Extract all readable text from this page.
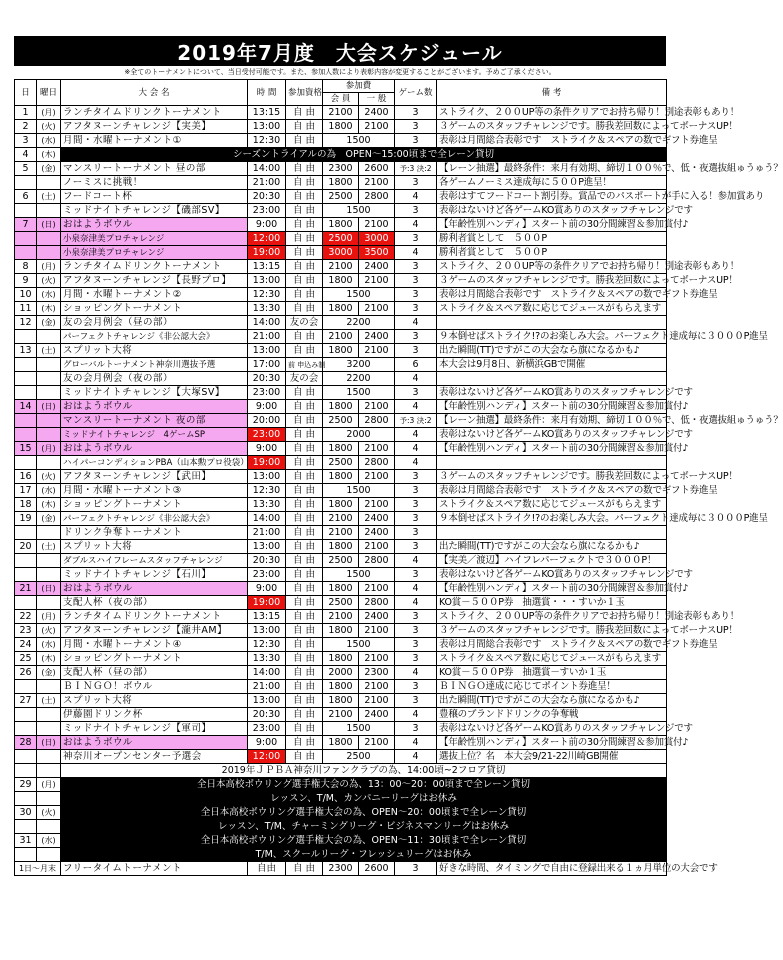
2019年7月度　大会スケジュール
※全てのトーナメントについて、当日受付可能です。また、参加人数により表彰内容が変更することがございます。予めご了承ください。
日	曜日	大 会 名	時 間	参加資格	参加費		ゲーム数	備 考
					会 員	一 般		
1	(月)	ランチタイムドリンクトーナメント	13:15	自 由	2100	2400	3	ストライク、２００UP等の条件クリアでお持ち帰り！別途表彰もあり！
2	(火)	アフタヌーンチャレンジ【実美】	13:00	自 由	1800	2100	3	３ゲームのスタッフチャレンジです。勝我差回数によってボーナスUP！
3	(水)	月間・水曜トーナメント①	12:30	自 由	1500		3	表彰は月間総合表彰です　ストライク＆スペアの数でギフト券進呈
4	(木)	シーズントライアルの為　OPEN～15:00頃まで全レーン貸切						
5	(金)	マンスリートーナメント 昼の部	14:00	自 由	2300	2600	予:3 決:2	【レーン抽選】最終条件：来月有効期、締切１００％で、低・夜選抜組ゅうゅう？
		ノーミスに挑戦！	21:00	自 由	1800	2100	3	各ゲームノーミス達成毎に５００P進呈！
6	(土)	フードコート杯	20:30	自 由	2500	2800	4	表彰はすてフードコート割引券。賞品でのパスポートが手に入る！参加賞あり
		ミッドナイトチャレンジ【磯部SV】	23:00	自 由	1500		3	表彰はないけど各ゲームKO賞ありのスタッフチャレンジです
7	(日)	おはようボウル	9:00	自 由	1800	2100	4	【年齢性別ハンディ】スタート前の30分間練習＆参加賞付♪
		小泉奈津美プロチャレンジ	12:00	自 由	2500	3000	3	勝利者賞として　５００P
		小泉奈津美プロチャレンジ	19:00	自 由	3000	3500	4	勝利者賞として　５００P
8	(月)	ランチタイムドリンクトーナメント	13:15	自 由	2100	2400	3	ストライク、２００UP等の条件クリアでお持ち帰り！別途表彰もあり！
9	(火)	アフタヌーンチャレンジ【長野プロ】	13:00	自 由	1800	2100	3	３ゲームのスタッフチャレンジです。勝我差回数によってボーナスUP！
10	(水)	月間・水曜トーナメント②	12:30	自 由	1500		3	表彰は月間総合表彰です　ストライク＆スペアの数でギフト券進呈
11	(木)	ショッピングトーナメント	13:30	自 由	1800	2100	3	ストライク＆スペア数に応じてジュースがもらえます
12	(金)	友の会月例会（昼の部）	14:00	友の会	2200		4	
		パーフェクトチャレンジ《非公認大会》	21:00	自 由	2100	2400	3	９本倒せばストライク!?のお楽しみ大会。パーフェクト達成毎に３０００P進呈
13	(土)	スプリット大将	13:00	自 由	1800	2100	3	出た瞬間(TT)ですがこの大会なら旗になるかも♪
		グローバルトーナメント神奈川選抜予選	17:00	前 申込み制	3200		6	本大会は9月8日、新横浜GBで開催
		友の会月例会（夜の部）	20:30	友の会	2200		4	
		ミッドナイトチャレンジ【大塚SV】	23:00	自 由	1500		3	表彰はないけど各ゲームKO賞ありのスタッフチャレンジです
14	(日)	おはようボウル	9:00	自 由	1800	2100	4	【年齢性別ハンディ】スタート前の30分間練習＆参加賞付♪
		マンスリートーナメント 夜の部	20:00	自 由	2500	2800	予:3 決:2	【レーン抽選】最終条件：来月有効期、締切１００％で、低・夜選抜組ゅうゅう？
		ミッドナイトチャレンジ　4ゲームSP	23:00	自 由	2000		4	表彰はないけど各ゲームKO賞ありのスタッフチャレンジです
15	(月)	おはようボウル	9:00	自 由	1800	2100	4	【年齢性別ハンディ】スタート前の30分間練習＆参加賞付♪
		ハイパーコンディションPBA（山本勲プロ役袋）	19:00	自 由	2500	2800	4	
16	(火)	アフタヌーンチャレンジ【武田】	13:00	自 由	1800	2100	3	３ゲームのスタッフチャレンジです。勝我差回数によってボーナスUP！
17	(水)	月間・水曜トーナメント③	12:30	自 由	1500		3	表彰は月間総合表彰です　ストライク＆スペアの数でギフト券進呈
18	(木)	ショッピングトーナメント	13:30	自 由	1800	2100	3	ストライク＆スペア数に応じてジュースがもらえます
19	(金)	パーフェクトチャレンジ《非公認大会》	14:00	自 由	2100	2400	3	９本倒せばストライク!?のお楽しみ大会。パーフェクト達成毎に３０００P進呈
		ドリンク争奪トーナメント	21:00	自 由	2100	2400	3	
20	(土)	スプリット大将	13:00	自 由	1800	2100	3	出た瞬間(TT)ですがこの大会なら旗になるかも♪
		ダブルスハイフレームスタッフチャレンジ	20:30	自 由	2500	2800	4	【実美／渡辺】ハイフレパーフェクトで３０００P！
		ミッドナイトチャレンジ【石川】	23:00	自 由	1500		3	表彰はないけど各ゲームKO賞ありのスタッフチャレンジです
21	(日)	おはようボウル	9:00	自 由	1800	2100	4	【年齢性別ハンディ】スタート前の30分間練習＆参加賞付♪
		支配人杯（夜の部）	19:00	自 由	2500	2800	4	KO賞－５００P券　抽選賞・・・すいか１玉
22	(月)	ランチタイムドリンクトーナメント	13:15	自 由	2100	2400	3	ストライク、２００UP等の条件クリアでお持ち帰り！別途表彰もあり！
23	(火)	アフタヌーンチャレンジ【瀧井AM】	13:00	自 由	1800	2100	3	３ゲームのスタッフチャレンジです。勝我差回数によってボーナスUP！
24	(水)	月間・水曜トーナメント④	12:30	自 由	1500		3	表彰は月間総合表彰です　ストライク＆スペアの数でギフト券進呈
25	(木)	ショッピングトーナメント	13:30	自 由	1800	2100	3	ストライク＆スペア数に応じてジュースがもらえます
26	(金)	支配人杯（昼の部）	14:00	自 由	2000	2300	4	KO賞－５００P券　抽選賞－すいか１玉
		ＢＩＮＧＯ！ボウル	21:00	自 由	1800	2100	3	ＢＩＮＧＯ達成に応じてポイント券進呈！
27	(土)	スプリット大将	13:00	自 由	1800	2100	3	出た瞬間(TT)ですがこの大会なら旗になるかも♪
		伊藤園ドリンク杯	20:30	自 由	2100	2400	4	豊穣のブランドドリンクの争奪戦
		ミッドナイトチャレンジ【軍司】	23:00	自 由	1500		3	表彰はないけど各ゲームKO賞ありのスタッフチャレンジです
28	(日)	おはようボウル	9:00	自 由	1800	2100	4	【年齢性別ハンディ】スタート前の30分間練習＆参加賞付♪
		神奈川オープンセンター予選会	12:00	自 由	2500		4	選抜上位？名　本大会9/21-22川崎GB開催
		2019年ＪＰＢＡ神奈川ファンクラブの為、14:00頃~2フロア貸切						
29	(月)	全日本高校ボウリング選手権大会の為、13：00～20：00頃まで全レーン貸切						
		レッスン、T/M、カンパニーリーグはお休み						
30	(火)	全日本高校ボウリング選手権大会の為、OPEN～20：00頃まで全レーン貸切						
		レッスン、T/M、チャーミングリーグ・ビジネスマンリーグはお休み						
31	(水)	全日本高校ボウリング選手権大会の為、OPEN～11：30頃まで全レーン貸切						
		T/M、スクールリーグ・フレッシュリーグはお休み						
1日～月末		フリータイムトーナメント	自由	自 由	2300	2600	3	好きな時間、タイミングで自由に登録出来る１ヵ月単位の大会です
